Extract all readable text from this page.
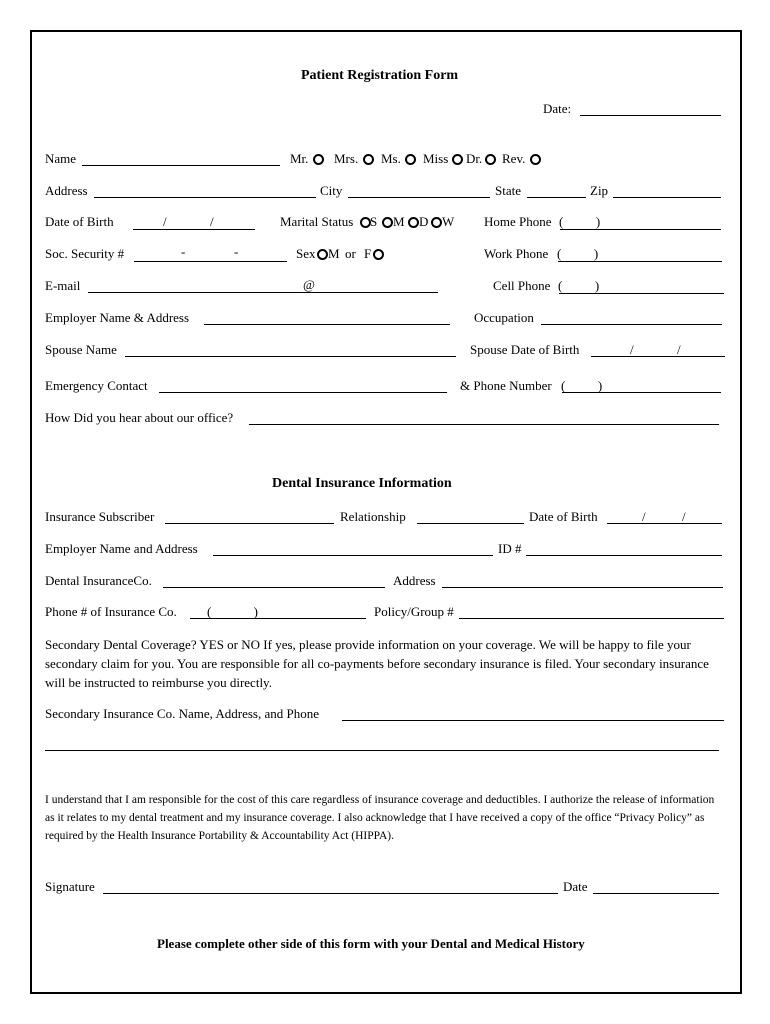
Patient Registration Form
Date:
Name	Mr. Mrs. Ms. Miss Dr. Rev.
Address	City	State	Zip
Date of Birth	/	/	Marital Status S M D W Home Phone (          )
Soc. Security #	-	-	Sex M or F	Work Phone (          )
E-mail	@	Cell Phone (          )
Employer Name & Address	Occupation
Spouse Name	Spouse Date of Birth	/	/
Emergency Contact	& Phone Number (          )
How Did you hear about our office?
Dental Insurance Information
Insurance Subscriber	Relationship	Date of Birth	/	/
Employer Name and Address	ID #
Dental InsuranceCo.	Address
Phone # of Insurance Co. (             )	Policy/Group #
Secondary Dental Coverage? YES or NO If yes, please provide information on your coverage. We will be happy to file your secondary claim for you. You are responsible for all co-payments before secondary insurance is filed. Your secondary insurance will be instructed to reimburse you directly.
Secondary Insurance Co. Name, Address, and Phone
I understand that I am responsible for the cost of this care regardless of insurance coverage and deductibles. I authorize the release of information as it relates to my dental treatment and my insurance coverage. I also acknowledge that I have received a copy of the office “Privacy Policy” as required by the Health Insurance Portability & Accountability Act (HIPPA).
Signature	Date
Please complete other side of this form with your Dental and Medical History
